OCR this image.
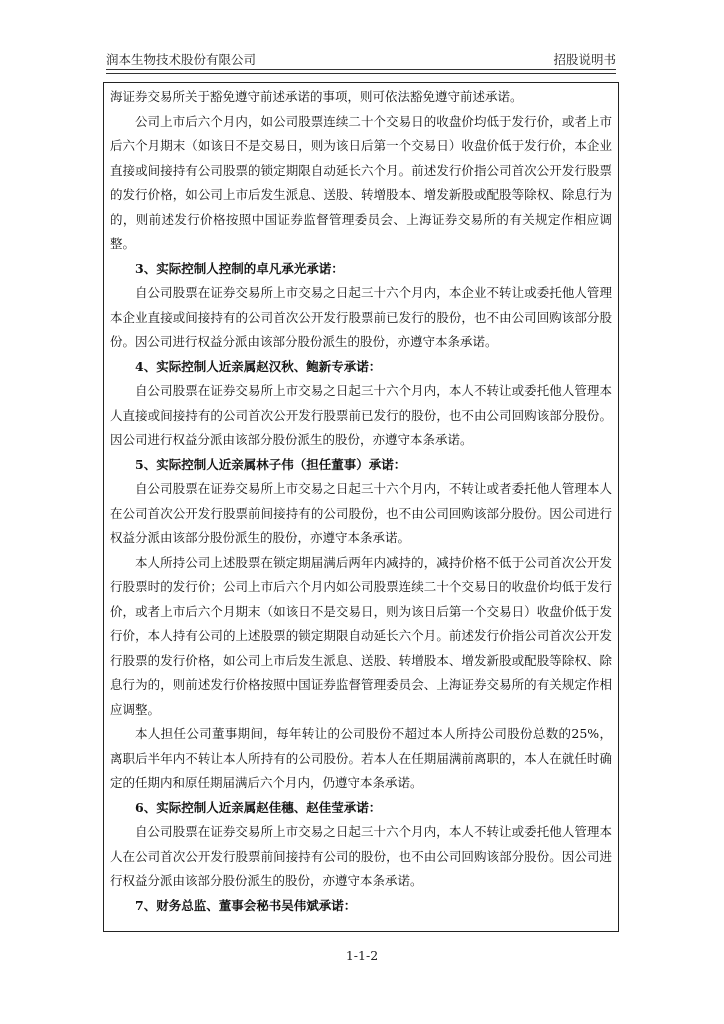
润本生物技术股份有限公司	招股说明书

海证券交易所关于豁免遵守前述承诺的事项，则可依法豁免遵守前述承诺。

公司上市后六个月内，如公司股票连续二十个交易日的收盘价均低于发行价，或者上市后六个月期末（如该日不是交易日，则为该日后第一个交易日）收盘价低于发行价，本企业直接或间接持有公司股票的锁定期限自动延长六个月。前述发行价指公司首次公开发行股票的发行价格，如公司上市后发生派息、送股、转增股本、增发新股或配股等除权、除息行为的，则前述发行价格按照中国证券监督管理委员会、上海证券交易所的有关规定作相应调整。

3、实际控制人控制的卓凡承光承诺：

自公司股票在证券交易所上市交易之日起三十六个月内，本企业不转让或委托他人管理本企业直接或间接持有的公司首次公开发行股票前已发行的股份，也不由公司回购该部分股份。因公司进行权益分派由该部分股份派生的股份，亦遵守本条承诺。

4、实际控制人近亲属赵汉秋、鲍新专承诺：

自公司股票在证券交易所上市交易之日起三十六个月内，本人不转让或委托他人管理本人直接或间接持有的公司首次公开发行股票前已发行的股份，也不由公司回购该部分股份。因公司进行权益分派由该部分股份派生的股份，亦遵守本条承诺。

5、实际控制人近亲属林子伟（担任董事）承诺：

自公司股票在证券交易所上市交易之日起三十六个月内，不转让或者委托他人管理本人在公司首次公开发行股票前间接持有的公司股份，也不由公司回购该部分股份。因公司进行权益分派由该部分股份派生的股份，亦遵守本条承诺。

本人所持公司上述股票在锁定期届满后两年内减持的，减持价格不低于公司首次公开发行股票时的发行价；公司上市后六个月内如公司股票连续二十个交易日的收盘价均低于发行价，或者上市后六个月期末（如该日不是交易日，则为该日后第一个交易日）收盘价低于发行价，本人持有公司的上述股票的锁定期限自动延长六个月。前述发行价指公司首次公开发行股票的发行价格，如公司上市后发生派息、送股、转增股本、增发新股或配股等除权、除息行为的，则前述发行价格按照中国证券监督管理委员会、上海证券交易所的有关规定作相应调整。

本人担任公司董事期间，每年转让的公司股份不超过本人所持公司股份总数的25%，离职后半年内不转让本人所持有的公司股份。若本人在任期届满前离职的，本人在就任时确定的任期内和原任期届满后六个月内，仍遵守本条承诺。

6、实际控制人近亲属赵佳穗、赵佳莹承诺：

自公司股票在证券交易所上市交易之日起三十六个月内，本人不转让或委托他人管理本人在公司首次公开发行股票前间接持有公司的股份，也不由公司回购该部分股份。因公司进行权益分派由该部分股份派生的股份，亦遵守本条承诺。

7、财务总监、董事会秘书吴伟斌承诺：

1-1-2
